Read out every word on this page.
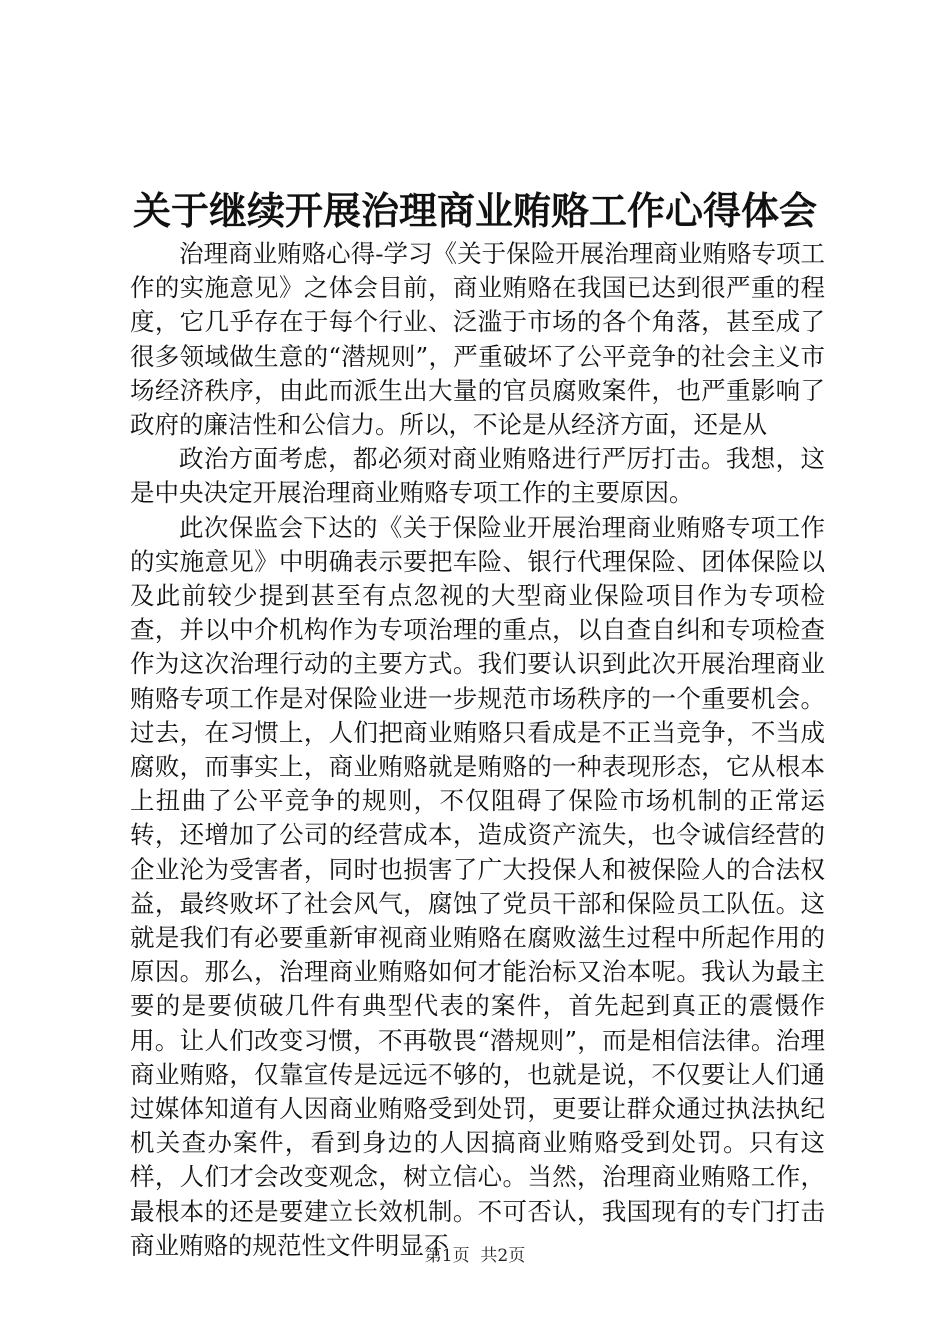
关于继续开展治理商业贿赂工作心得体会

治理商业贿赂心得-学习《关于保险开展治理商业贿赂专项工作的实施意见》之体会目前，商业贿赂在我国已达到很严重的程度，它几乎存在于每个行业、泛滥于市场的各个角落，甚至成了很多领域做生意的“潜规则”，严重破坏了公平竞争的社会主义市场经济秩序，由此而派生出大量的官员腐败案件，也严重影响了政府的廉洁性和公信力。所以，不论是从经济方面，还是从

政治方面考虑，都必须对商业贿赂进行严厉打击。我想，这是中央决定开展治理商业贿赂专项工作的主要原因。

此次保监会下达的《关于保险业开展治理商业贿赂专项工作的实施意见》中明确表示要把车险、银行代理保险、团体保险以及此前较少提到甚至有点忽视的大型商业保险项目作为专项检查，并以中介机构作为专项治理的重点，以自查自纠和专项检查作为这次治理行动的主要方式。我们要认识到此次开展治理商业贿赂专项工作是对保险业进一步规范市场秩序的一个重要机会。过去，在习惯上，人们把商业贿赂只看成是不正当竞争，不当成腐败，而事实上，商业贿赂就是贿赂的一种表现形态，它从根本上扭曲了公平竞争的规则，不仅阻碍了保险市场机制的正常运转，还增加了公司的经营成本，造成资产流失，也令诚信经营的企业沦为受害者，同时也损害了广大投保人和被保险人的合法权益，最终败坏了社会风气，腐蚀了党员干部和保险员工队伍。这就是我们有必要重新审视商业贿赂在腐败滋生过程中所起作用的原因。那么，治理商业贿赂如何才能治标又治本呢。我认为最主要的是要侦破几件有典型代表的案件，首先起到真正的震慑作用。让人们改变习惯，不再敬畏“潜规则”，而是相信法律。治理商业贿赂，仅靠宣传是远远不够的，也就是说，不仅要让人们通过媒体知道有人因商业贿赂受到处罚，更要让群众通过执法执纪机关查办案件，看到身边的人因搞商业贿赂受到处罚。只有这样，人们才会改变观念，树立信心。当然，治理商业贿赂工作，最根本的还是要建立长效机制。不可否认，我国现有的专门打击商业贿赂的规范性文件明显不

第1页  共2页
